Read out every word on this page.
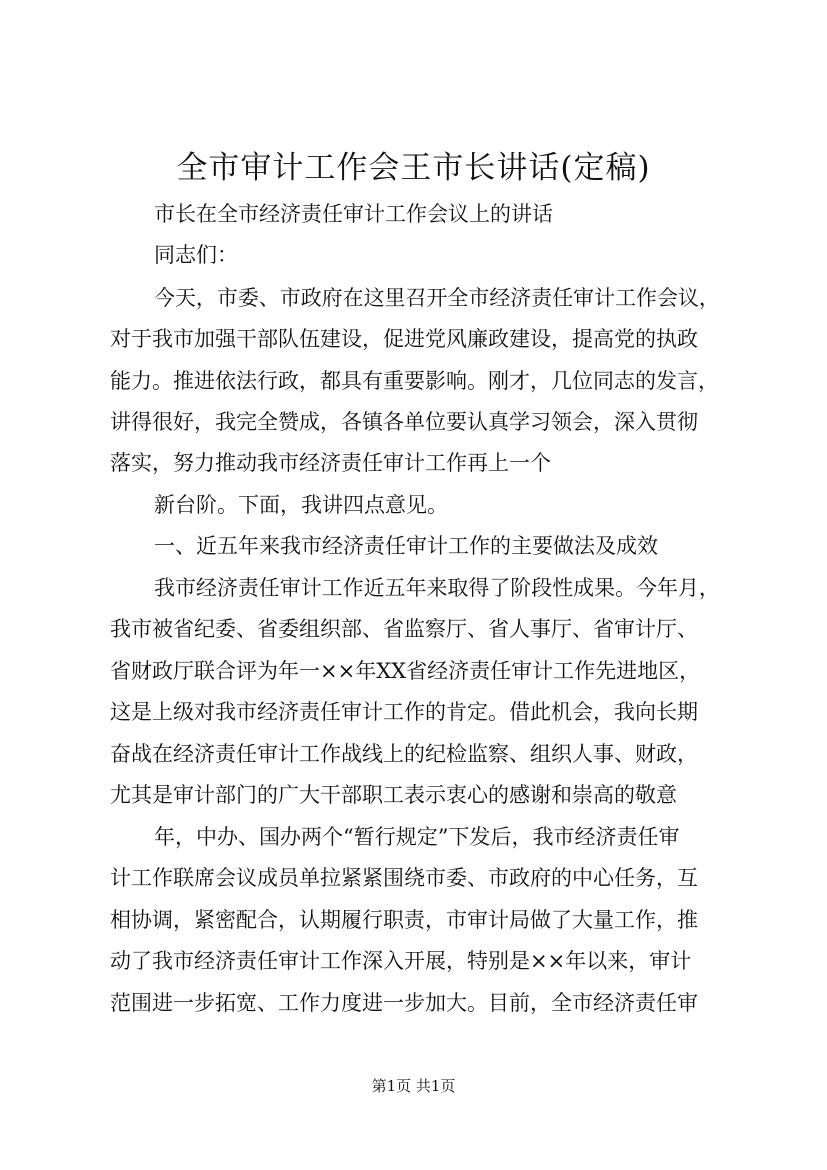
全市审计工作会王市长讲话(定稿)
市长在全市经济责任审计工作会议上的讲话
同志们：
今天，市委、市政府在这里召开全市经济责任审计工作会议，
对于我市加强干部队伍建设，促进党风廉政建设，提高党的执政
能力。推进依法行政，都具有重要影响。刚才，几位同志的发言，
讲得很好，我完全赞成，各镇各单位要认真学习领会，深入贯彻
落实，努力推动我市经济责任审计工作再上一个
新台阶。下面，我讲四点意见。
一、近五年来我市经济责任审计工作的主要做法及成效
我市经济责任审计工作近五年来取得了阶段性成果。今年月，
我市被省纪委、省委组织部、省监察厅、省人事厅、省审计厅、
省财政厅联合评为年一××年XX省经济责任审计工作先进地区，
这是上级对我市经济责任审计工作的肯定。借此机会，我向长期
奋战在经济责任审计工作战线上的纪检监察、组织人事、财政，
尤其是审计部门的广大干部职工表示衷心的感谢和崇高的敬意
年，中办、国办两个“暂行规定”下发后，我市经济责任审
计工作联席会议成员单拉紧紧围绕市委、市政府的中心任务，互
相协调，紧密配合，认期履行职责，市审计局做了大量工作，推
动了我市经济责任审计工作深入开展，特别是××年以来，审计
范围进一步拓宽、工作力度进一步加大。目前，全市经济责任审
第1页 共1页
